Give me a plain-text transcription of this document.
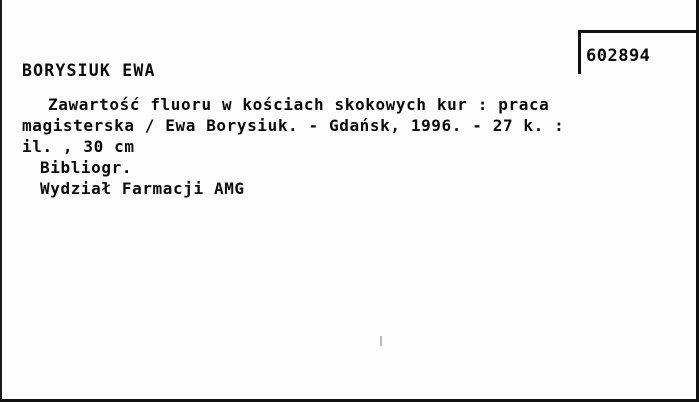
602894
BORYSIUK EWA
Zawartość fluoru w kościach skokowych kur : praca
magisterska / Ewa Borysiuk. - Gdańsk, 1996. - 27 k. :
il. , 30 cm
Bibliogr.
Wydział Farmacji AMG
